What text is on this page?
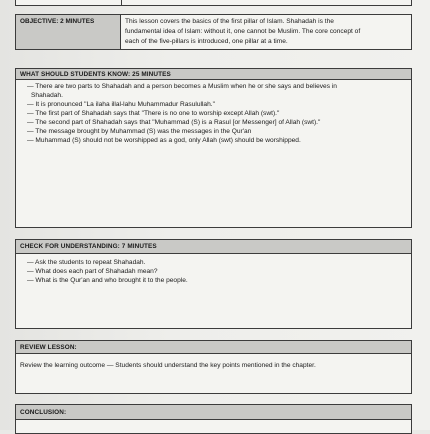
OBJECTIVE: 2 MINUTES	This lesson covers the basics of the first pillar of Islam. Shahadah is the
fundamental idea of Islam: without it, one cannot be Muslim. The core concept of
each of the five-pillars is introduced, one pillar at a time.
WHAT SHOULD STUDENTS KNOW: 25 MINUTES
— There are two parts to Shahadah and a person becomes a Muslim when he or she says and believes in
Shahadah.
— It is pronounced "La ilaha illal-lahu Muhammadur Rasulullah."
— The first part of Shahadah says that "There is no one to worship except Allah (swt)."
— The second part of Shahadah says that "Muhammad (S) is a Rasul [or Messenger] of Allah (swt)."
— The message brought by Muhammad (S) was the messages in the Qur'an
— Muhammad (S) should not be worshipped as a god, only Allah (swt) should be worshipped.
CHECK FOR UNDERSTANDING: 7 MINUTES
— Ask the students to repeat Shahadah.
— What does each part of Shahadah mean?
— What is the Qur'an and who brought it to the people.
REVIEW LESSON:
Review the learning outcome — Students should understand the key points mentioned in the chapter.
CONCLUSION:
